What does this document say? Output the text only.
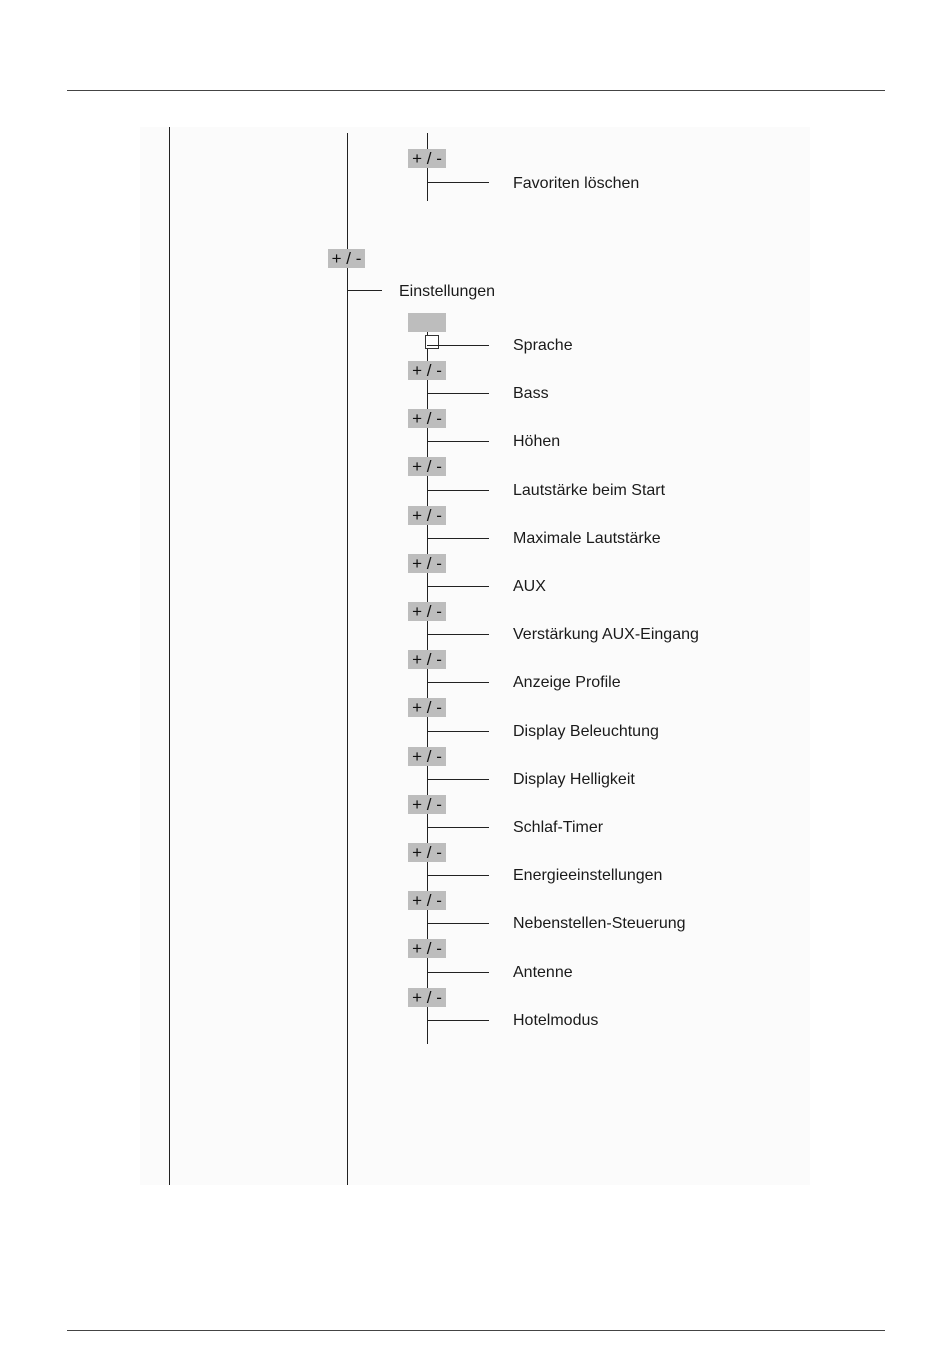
+ / -
Favoriten löschen
+ / -
Einstellungen

Sprache
+ / -
Bass
+ / -
Höhen
+ / -
Lautstärke beim Start
+ / -
Maximale Lautstärke
+ / -
AUX
+ / -
Verstärkung AUX-Eingang
+ / -
Anzeige Profile
+ / -
Display Beleuchtung
+ / -
Display Helligkeit
+ / -
Schlaf-Timer
+ / -
Energieeinstellungen
+ / -
Nebenstellen-Steuerung
+ / -
Antenne
+ / -
Hotelmodus
